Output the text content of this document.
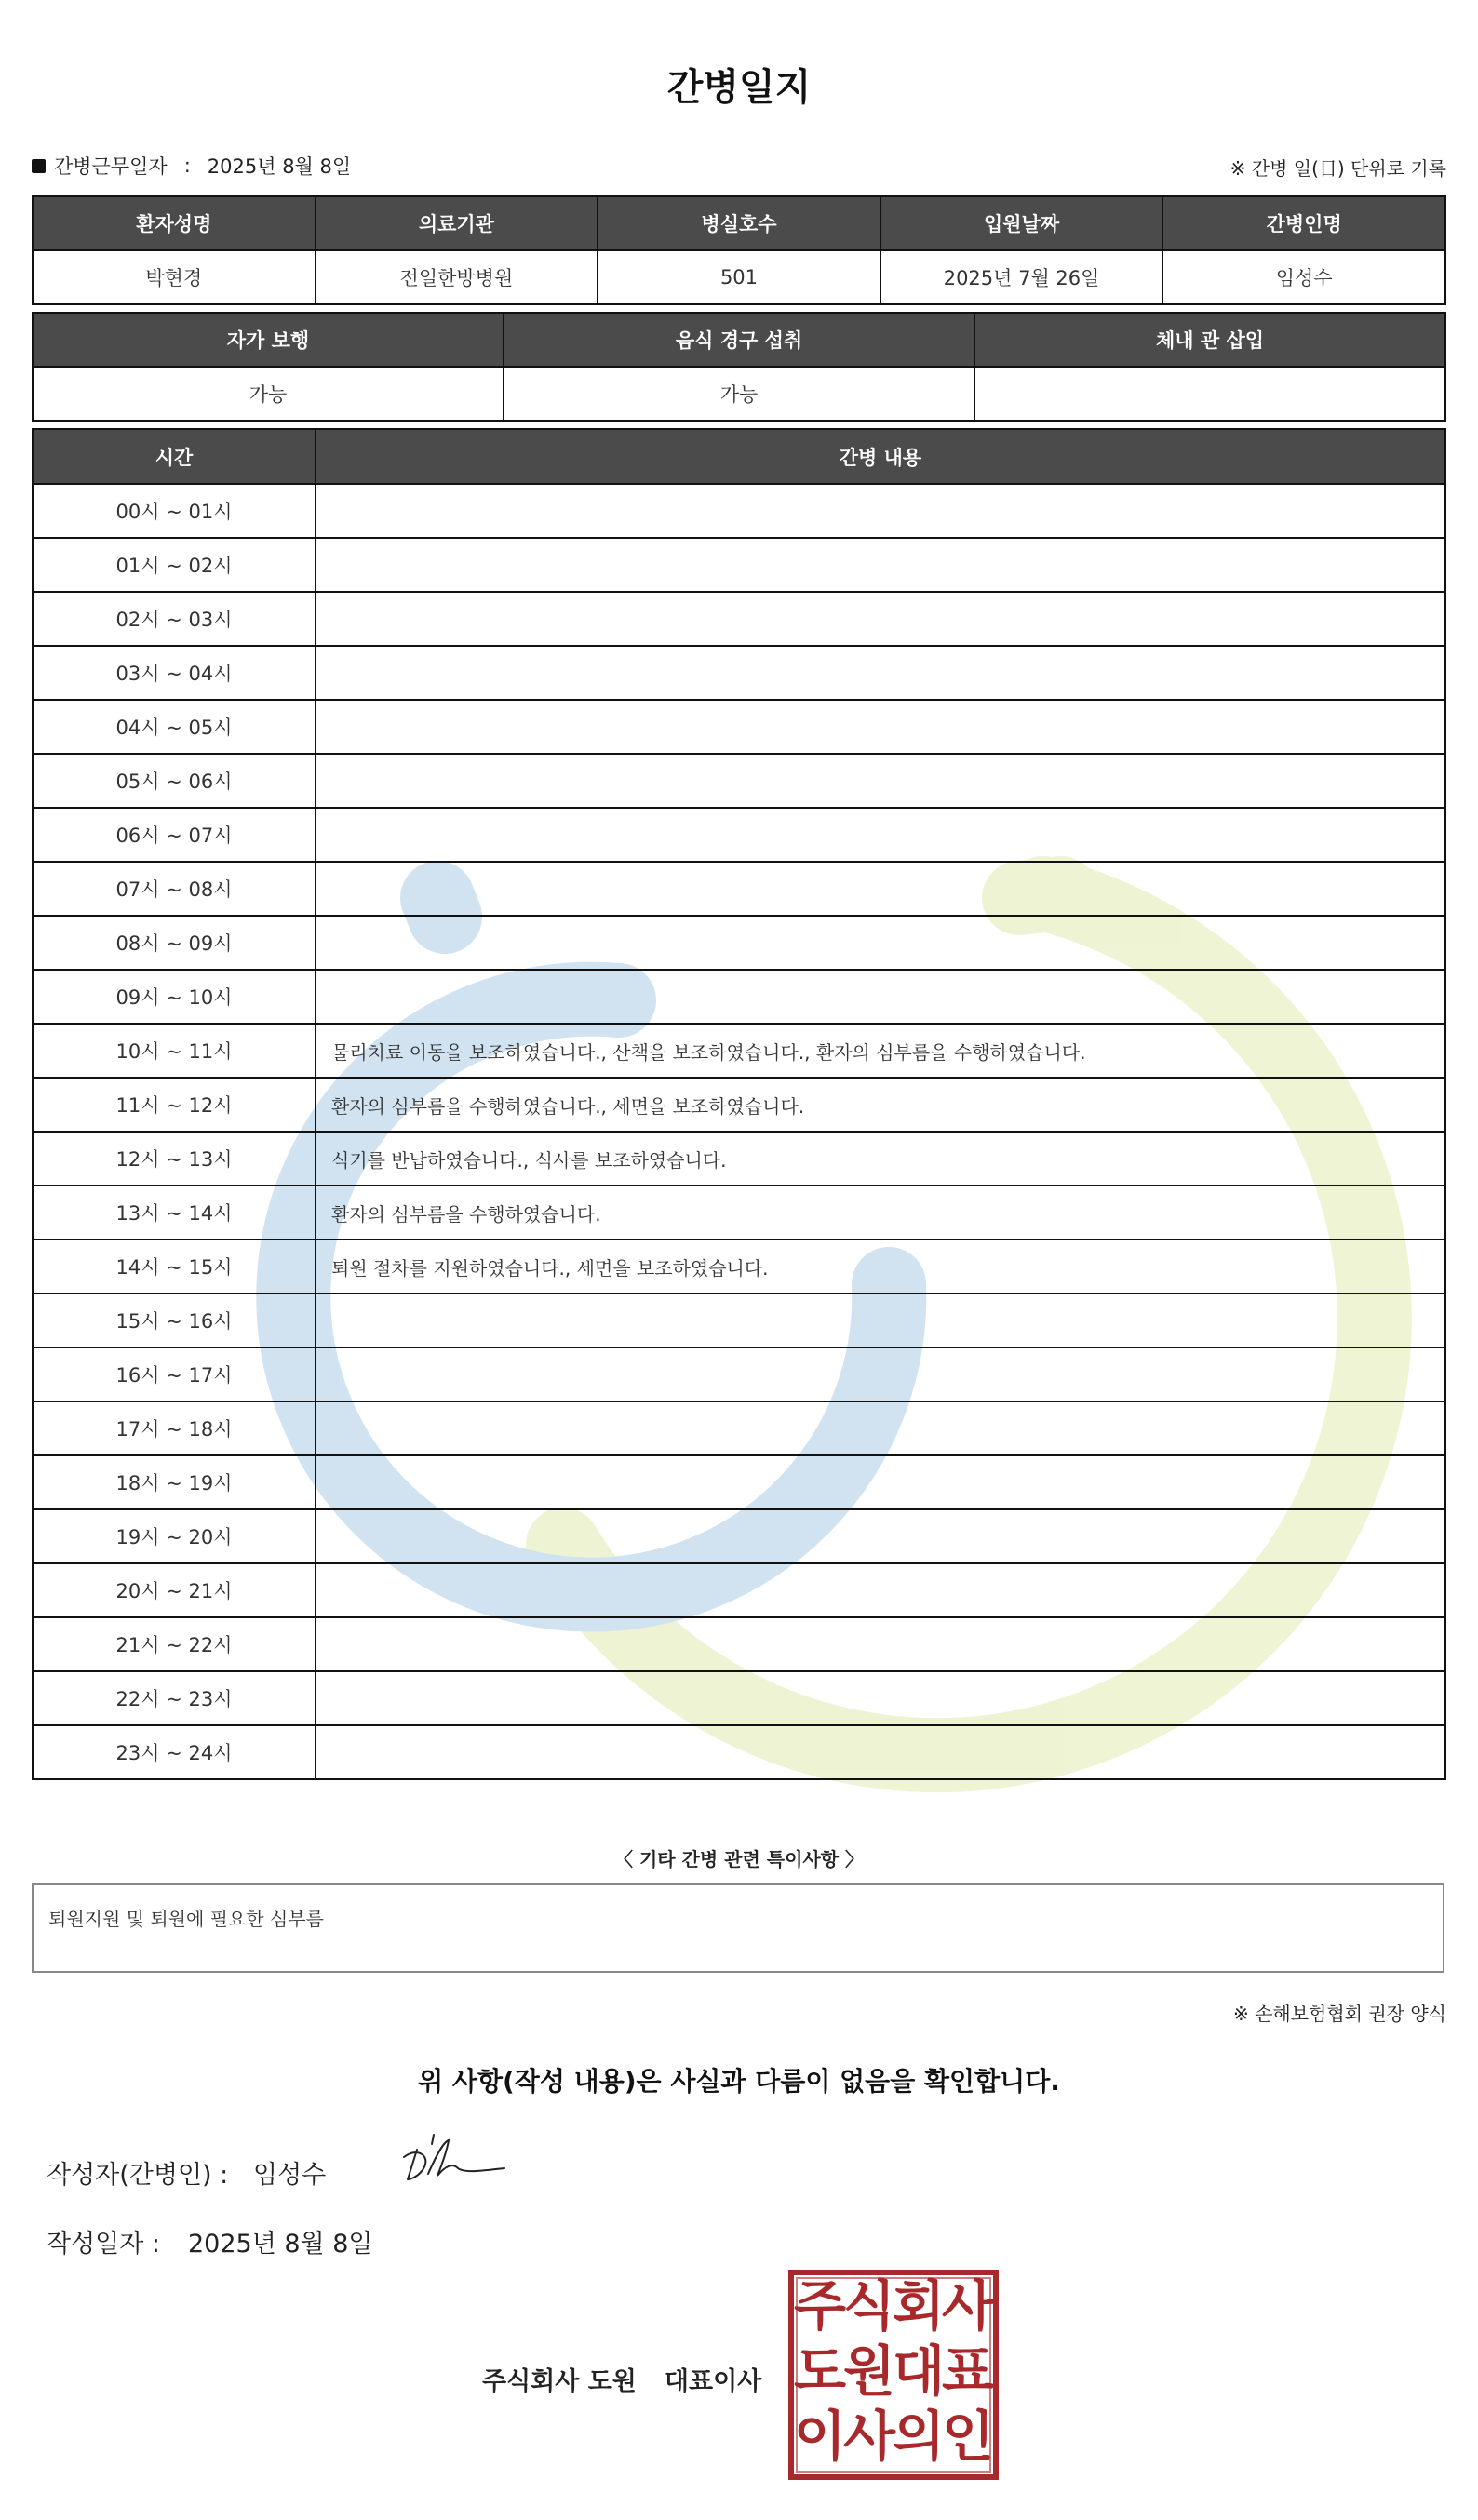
간병일지
간병근무일자 : 2025년 8월 8일	※ 간병 일(日) 단위로 기록
환자성명	의료기관	병실호수	입원날짜	간병인명
박현경	전일한방병원	501	2025년 7월 26일	임성수
자가 보행	음식 경구 섭취	체내 관 삽입
가능	가능	
시간	간병 내용
00시 ~ 01시	
01시 ~ 02시	
02시 ~ 03시	
03시 ~ 04시	
04시 ~ 05시	
05시 ~ 06시	
06시 ~ 07시	
07시 ~ 08시	
08시 ~ 09시	
09시 ~ 10시	
10시 ~ 11시	물리치료 이동을 보조하였습니다., 산책을 보조하였습니다., 환자의 심부름을 수행하였습니다.
11시 ~ 12시	환자의 심부름을 수행하였습니다., 세면을 보조하였습니다.
12시 ~ 13시	식기를 반납하였습니다., 식사를 보조하였습니다.
13시 ~ 14시	환자의 심부름을 수행하였습니다.
14시 ~ 15시	퇴원 절차를 지원하였습니다., 세면을 보조하였습니다.
15시 ~ 16시	
16시 ~ 17시	
17시 ~ 18시	
18시 ~ 19시	
19시 ~ 20시	
20시 ~ 21시	
21시 ~ 22시	
22시 ~ 23시	
23시 ~ 24시	
〈 기타 간병 관련 특이사항 〉
퇴원지원 및 퇴원에 필요한 심부름
※ 손해보험협회 권장 양식
위 사항(작성 내용)은 사실과 다름이 없음을 확인합니다.
작성자(간병인) : 임성수
작성일자 :	2025년 8월 8일
주식회사 도원 대표이사
주
식
회
사
도
원
대
표
이
사
의
인
